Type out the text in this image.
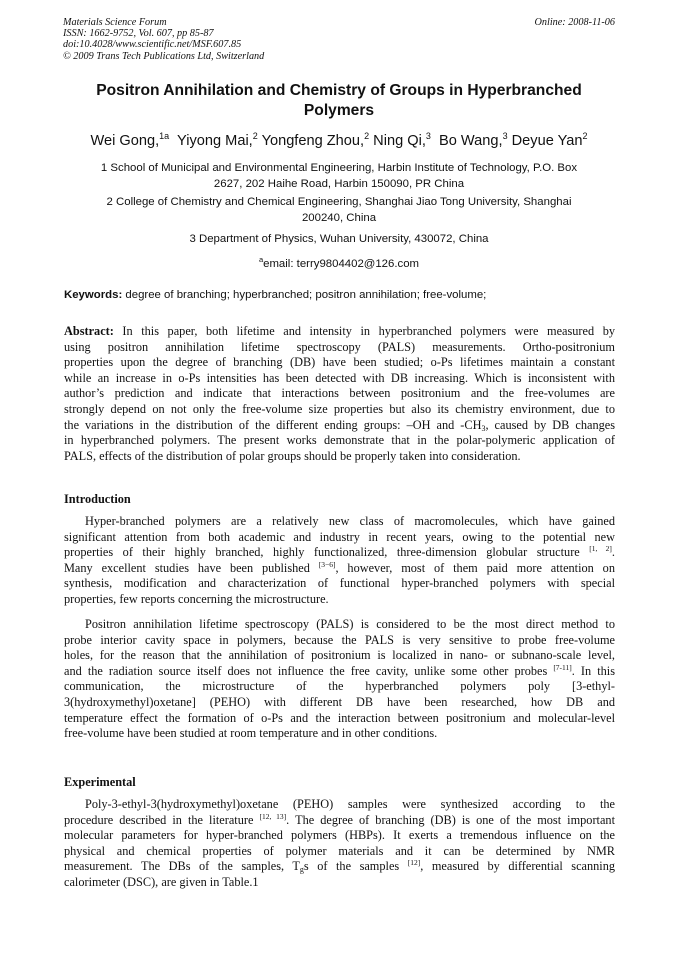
Materials Science Forum
ISSN: 1662-9752, Vol. 607, pp 85-87
doi:10.4028/www.scientific.net/MSF.607.85
© 2009 Trans Tech Publications Ltd, Switzerland
Online: 2008-11-06
Positron Annihilation and Chemistry of Groups in Hyperbranched
Polymers
Wei Gong,$^{1a}$ Yiyong Mai,$^2$ Yongfeng Zhou,$^2$ Ning Qi,$^3$ Bo Wang,$^3$ Deyue Yan$^2$
1 School of Municipal and Environmental Engineering, Harbin Institute of Technology, P.O. Box
2627, 202 Haihe Road, Harbin 150090, PR China
2 College of Chemistry and Chemical Engineering, Shanghai Jiao Tong University, Shanghai
200240, China
3 Department of Physics, Wuhan University, 430072, China
$^a$email: terry9804402@126.com
Keywords: degree of branching; hyperbranched; positron annihilation; free-volume;
Abstract: In this paper, both lifetime and intensity in hyperbranched polymers were measured by
using positron annihilation lifetime spectroscopy (PALS) measurements. Ortho-positronium
properties upon the degree of branching (DB) have been studied; o-Ps lifetimes maintain a constant
while an increase in o-Ps intensities has been detected with DB increasing. Which is inconsistent with
author’s prediction and indicate that interactions between positronium and the free-volumes are
strongly depend on not only the free-volume size properties but also its chemistry environment, due to
the variations in the distribution of the different ending groups: –OH and $-CH_3$, caused by DB changes
in hyperbranched polymers. The present works demonstrate that in the polar-polymeric application of
PALS, effects of the distribution of polar groups should be properly taken into consideration.
Introduction
Hyper-branched polymers are a relatively new class of macromolecules, which have gained
significant attention from both academic and industry in recent years, owing to the potential new
properties of their highly branched, highly functionalized, three-dimension globular structure [1, 2].
Many excellent studies have been published [3−6], however, most of them paid more attention on
synthesis, modification and characterization of functional hyper-branched polymers with special
properties, few reports concerning the microstructure.
Positron annihilation lifetime spectroscopy (PALS) is considered to be the most direct method to
probe interior cavity space in polymers, because the PALS is very sensitive to probe free-volume
holes, for the reason that the annihilation of positronium is localized in nano- or subnano-scale level,
and the radiation source itself does not influence the free cavity, unlike some other probes [7-11]. In this
communication, the microstructure of the hyperbranched polymers poly [3-ethyl-
3(hydroxymethyl)oxetane] (PEHO) with different DB have been researched, how DB and
temperature effect the formation of o-Ps and the interaction between positronium and molecular-level
free-volume have been studied at room temperature and in other conditions.
Experimental
Poly-3-ethyl-3(hydroxymethyl)oxetane (PEHO) samples were synthesized according to the
procedure described in the literature [12, 13]. The degree of branching (DB) is one of the most important
molecular parameters for hyper-branched polymers (HBPs). It exerts a tremendous influence on the
physical and chemical properties of polymer materials and it can be determined by NMR
measurement. The DBs of the samples, $T_gs$ of the samples [12], measured by differential scanning
calorimeter (DSC), are given in Table.1
